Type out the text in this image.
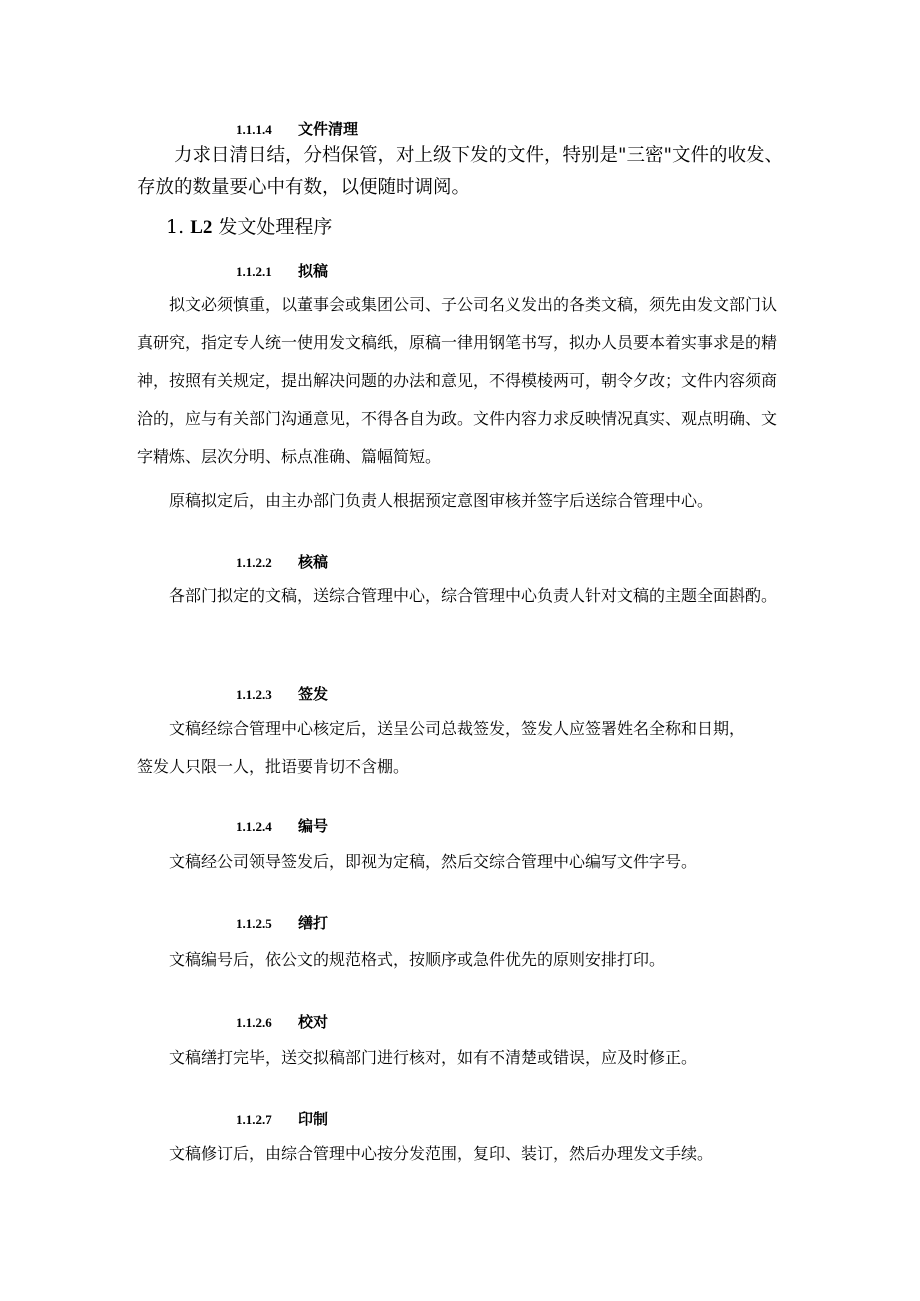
1.1.1.4 文件清理

力求日清日结，分档保管，对上级下发的文件，特别是"三密"文件的收发、存放的数量要心中有数，以便随时调阅。

1. L2 发文处理程序
1.1.2.1 拟稿

拟文必须慎重，以董事会或集团公司、子公司名义发出的各类文稿，须先由发文部门认真研究，指定专人统一使用发文稿纸，原稿一律用钢笔书写，拟办人员要本着实事求是的精神，按照有关规定，提出解决问题的办法和意见，不得模棱两可，朝令夕改；文件内容须商洽的，应与有关部门沟通意见，不得各自为政。文件内容力求反映情况真实、观点明确、文字精炼、层次分明、标点准确、篇幅简短。

原稿拟定后，由主办部门负责人根据预定意图审核并签字后送综合管理中心。

1.1.2.2 核稿

各部门拟定的文稿，送综合管理中心，综合管理中心负责人针对文稿的主题全面斟酌。

1.1.2.3 签发

文稿经综合管理中心核定后，送呈公司总裁签发，签发人应签署姓名全称和日期，签发人只限一人，批语要肯切不含棚。

1.1.2.4 编号

文稿经公司领导签发后，即视为定稿，然后交综合管理中心编写文件字号。

1.1.2.5 缮打

文稿编号后，依公文的规范格式，按顺序或急件优先的原则安排打印。

1.1.2.6 校对

文稿缮打完毕，送交拟稿部门进行核对，如有不清楚或错误，应及时修正。

1.1.2.7 印制

文稿修订后，由综合管理中心按分发范围，复印、装订，然后办理发文手续。
